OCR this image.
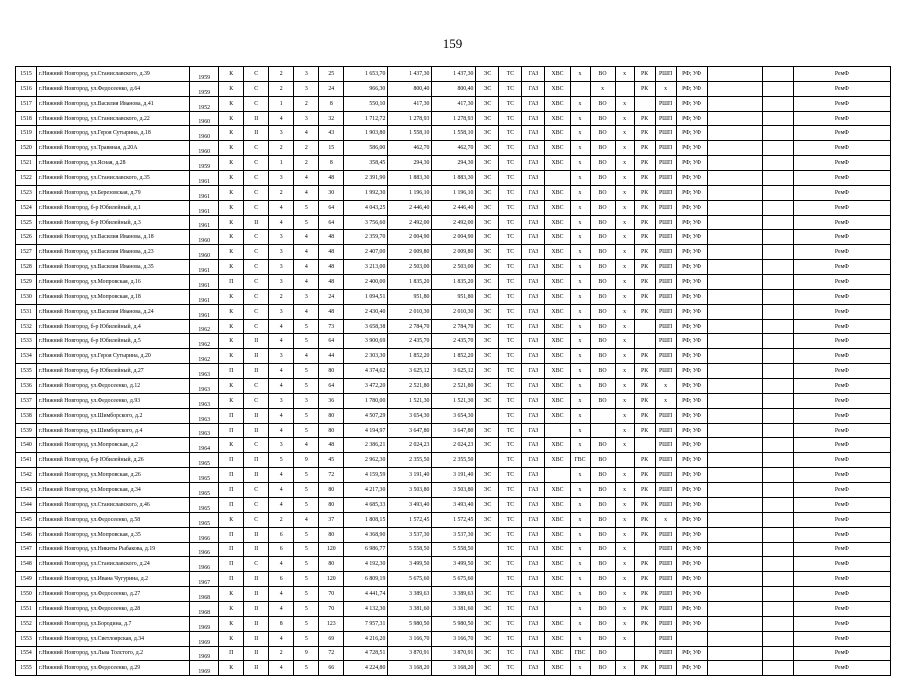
159
1515	г.Нижний Новгород, ул.Станиславского, д.39	1959	К	С	2	3	25	1 653,70	1 437,30	1 437,30	ЭС	ТС	ГАЗ	ХВС	х	ВО	х	РК	РШП	РФ; УФ			РемФ
1516	г.Нижний Новгород, ул.Федосеенко, д.64	1959	К	С	2	3	24	966,30	800,40	800,40	ЭС	ТС	ГАЗ	ХВС		х		РК	х	РФ; УФ			РемФ
1517	г.Нижний Новгород, ул.Василия Иванова, д.41	1952	К	С	1	2	8	550,10	417,30	417,30	ЭС	ТС	ГАЗ	ХВС	х	ВО	х		РШП	РФ; УФ			РемФ
1518	г.Нижний Новгород, ул.Станиславского, д.22	1960	К	II	4	3	32	1 712,72	1 278,93	1 278,93	ЭС	ТС	ГАЗ	ХВС	х	ВО	х	РК	РШП	РФ; УФ			РемФ
1519	г.Нижний Новгород, ул.Героя Сутырина, д.18	1960	К	II	3	4	43	1 903,80	1 558,10	1 558,10	ЭС	ТС	ГАЗ	ХВС	х	ВО	х	РК	РШП	РФ; УФ			РемФ
1520	г.Нижний Новгород, ул.Травяная, д.20А	1960	К	С	2	2	15	586,00	462,70	462,70	ЭС	ТС	ГАЗ	ХВС	х	ВО	х	РК	РШП	РФ; УФ			РемФ
1521	г.Нижний Новгород, ул.Ясная, д.28	1959	К	С	1	2	8	358,45	294,30	294,30	ЭС	ТС	ГАЗ	ХВС	х	ВО	х	РК	РШП	РФ; УФ			РемФ
1522	г.Нижний Новгород, ул.Станиславского, д.35	1961	К	С	3	4	48	2 391,90	1 883,30	1 883,30	ЭС	ТС	ГАЗ		х	ВО	х	РК	РШП	РФ; УФ			РемФ
1523	г.Нижний Новгород, ул.Березовская, д.79	1961	К	С	2	4	30	1 992,30	1 196,10	1 196,10	ЭС	ТС	ГАЗ	ХВС	х	ВО	х	РК	РШП	РФ; УФ			РемФ
1524	г.Нижний Новгород, б-р Юбилейный, д.1	1961	К	С	4	5	64	4 043,25	2 446,40	2 446,40	ЭС	ТС	ГАЗ	ХВС	х	ВО	х	РК	РШП	РФ; УФ			РемФ
1525	г.Нижний Новгород, б-р Юбилейный, д.3	1961	К	II	4	5	64	3 756,60	2 492,00	2 492,00	ЭС	ТС	ГАЗ	ХВС	х	ВО	х	РК	РШП	РФ; УФ			РемФ
1526	г.Нижний Новгород, ул.Василия Иванова, д.18	1960	К	С	3	4	48	2 359,70	2 004,90	2 004,90	ЭС	ТС	ГАЗ	ХВС	х	ВО	х	РК	РШП	РФ; УФ			РемФ
1527	г.Нижний Новгород, ул.Василия Иванова, д.23	1960	К	С	3	4	48	2 407,00	2 009,80	2 009,80	ЭС	ТС	ГАЗ	ХВС	х	ВО	х	РК	РШП	РФ; УФ			РемФ
1528	г.Нижний Новгород, ул.Василия Иванова, д.35	1961	К	С	3	4	48	3 213,00	2 503,00	2 503,00	ЭС	ТС	ГАЗ	ХВС	х	ВО	х	РК	РШП	РФ; УФ			РемФ
1529	г.Нижний Новгород, ул.Мопровская, д.16	1961	П	С	3	4	48	2 400,00	1 835,20	1 835,20	ЭС	ТС	ГАЗ	ХВС	х	ВО	х	РК	РШП	РФ; УФ			РемФ
1530	г.Нижний Новгород, ул.Мопровская, д.18	1961	К	С	2	3	24	1 094,51	951,80	951,80	ЭС	ТС	ГАЗ	ХВС	х	ВО	х	РК	РШП	РФ; УФ			РемФ
1531	г.Нижний Новгород, ул.Василия Иванова, д.24	1961	К	С	3	4	48	2 430,40	2 010,30	2 010,30	ЭС	ТС	ГАЗ	ХВС	х	ВО	х	РК	РШП	РФ; УФ			РемФ
1532	г.Нижний Новгород, б-р Юбилейный, д.4	1962	К	С	4	5	73	3 658,38	2 784,70	2 784,70	ЭС	ТС	ГАЗ	ХВС	х	ВО	х		РШП	РФ; УФ			РемФ
1533	г.Нижний Новгород, б-р Юбилейный, д.5	1962	К	II	4	5	64	3 900,69	2 435,70	2 435,70	ЭС	ТС	ГАЗ	ХВС	х	ВО	х		РШП	РФ; УФ			РемФ
1534	г.Нижний Новгород, ул.Героя Сутырина, д.20	1962	К	II	3	4	44	2 303,30	1 852,20	1 852,20	ЭС	ТС	ГАЗ	ХВС	х	ВО	х	РК	РШП	РФ; УФ			РемФ
1535	г.Нижний Новгород, б-р Юбилейный, д.27	1963	П	II	4	5	80	4 374,62	3 625,12	3 625,12	ЭС	ТС	ГАЗ	ХВС	х	ВО	х	РК	РШП	РФ; УФ			РемФ
1536	г.Нижний Новгород, ул.Федосеенко, д.12	1963	К	С	4	5	64	3 472,20	2 521,80	2 521,80	ЭС	ТС	ГАЗ	ХВС	х	ВО	х	РК	х	РФ; УФ			РемФ
1537	г.Нижний Новгород, ул.Федосеенко, д.93	1963	К	С	3	3	36	1 780,00	1 521,30	1 521,30	ЭС	ТС	ГАЗ	ХВС	х	ВО	х	РК	х	РФ; УФ			РемФ
1538	г.Нижний Новгород, ул.Шимборского, д.2	1963	П	II	4	5	80	4 507,29	3 654,30	3 654,30		ТС	ГАЗ	ХВС	х		х	РК	РШП	РФ; УФ			РемФ
1539	г.Нижний Новгород, ул.Шимборского, д.4	1963	П	II	4	5	80	4 194,97	3 647,80	3 647,80	ЭС	ТС	ГАЗ		х		х	РК	РШП	РФ; УФ			РемФ
1540	г.Нижний Новгород, ул.Мопровская, д.2	1964	К	С	3	4	48	2 386,21	2 024,23	2 024,23	ЭС	ТС	ГАЗ	ХВС	х	ВО	х		РШП	РФ; УФ			РемФ
1541	г.Нижний Новгород, б-р Юбилейный, д.26	1965	П	П	5	9	45	2 962,30	2 355,50	2 355,50		ТС	ГАЗ	ХВС	ГВС	ВО		РК	РШП	РФ; УФ			РемФ
1542	г.Нижний Новгород, ул.Мопровская, д.26	1965	П	II	4	5	72	4 159,59	3 191,40	3 191,40	ЭС	ТС	ГАЗ		х	ВО	х	РК	РШП	РФ; УФ			РемФ
1543	г.Нижний Новгород, ул.Мопровская, д.34	1965	П	С	4	5	80	4 217,30	3 503,80	3 503,80	ЭС	ТС	ГАЗ	ХВС	х	ВО	х	РК	РШП	РФ; УФ			РемФ
1544	г.Нижний Новгород, ул.Станиславского, д.46	1965	П	С	4	5	80	4 685,33	3 493,40	3 493,40	ЭС	ТС	ГАЗ	ХВС	х	ВО	х	РК	РШП	РФ; УФ			РемФ
1545	г.Нижний Новгород, ул.Федосеенко, д.58	1965	К	С	2	4	37	1 808,15	1 572,45	1 572,45	ЭС	ТС	ГАЗ	ХВС	х	ВО	х	РК	х	РФ; УФ			РемФ
1546	г.Нижний Новгород, ул.Мопровская, д.35	1966	П	II	6	5	80	4 368,90	3 537,30	3 537,30	ЭС	ТС	ГАЗ	ХВС	х	ВО	х	РК	РШП	РФ; УФ			РемФ
1547	г.Нижний Новгород, ул.Никиты Рыбакова, д.19	1966	П	II	6	5	120	6 986,77	5 558,50	5 558,50		ТС	ГАЗ	ХВС	х	ВО	х		РШП	РФ; УФ			РемФ
1548	г.Нижний Новгород, ул.Станиславского, д.24	1966	П	С	4	5	80	4 192,30	3 499,50	3 499,50	ЭС	ТС	ГАЗ	ХВС	х	ВО	х	РК	РШП	РФ; УФ			РемФ
1549	г.Нижний Новгород, ул.Ивана Чугурина, д.2	1967	П	II	6	5	120	6 809,19	5 675,60	5 675,60		ТС	ГАЗ	ХВС	х	ВО	х	РК	РШП	РФ; УФ			РемФ
1550	г.Нижний Новгород, ул.Федосеенко, д.27	1968	К	II	4	5	70	4 441,74	3 389,63	3 389,63	ЭС	ТС	ГАЗ	ХВС	х	ВО	х	РК	РШП	РФ; УФ			РемФ
1551	г.Нижний Новгород, ул.Федосеенко, д.28	1968	К	II	4	5	70	4 132,30	3 381,60	3 381,60	ЭС	ТС	ГАЗ		х	ВО	х	РК	РШП	РФ; УФ			РемФ
1552	г.Нижний Новгород, ул.Бородина, д.7	1969	К	II	8	5	123	7 957,31	5 980,50	5 980,50	ЭС	ТС	ГАЗ	ХВС	х	ВО	х	РК	РШП	РФ; УФ			РемФ
1553	г.Нижний Новгород, ул.Светлоярская, д.34	1969	К	II	4	5	69	4 216,20	3 166,70	3 166,70	ЭС	ТС	ГАЗ	ХВС	х	ВО	х		РШП				РемФ
1554	г.Нижний Новгород, ул.Льва Толстого, д.2	1969	П	II	2	9	72	4 728,51	3 870,91	3 870,91	ЭС	ТС	ГАЗ	ХВС	ГВС	ВО			РШП	РФ; УФ			РемФ
1555	г.Нижний Новгород, ул.Федосеенко, д.29	1969	К	II	4	5	66	4 224,80	3 168,20	3 168,20	ЭС	ТС	ГАЗ	ХВС	х	ВО	х	РК	РШП	РФ; УФ			РемФ
